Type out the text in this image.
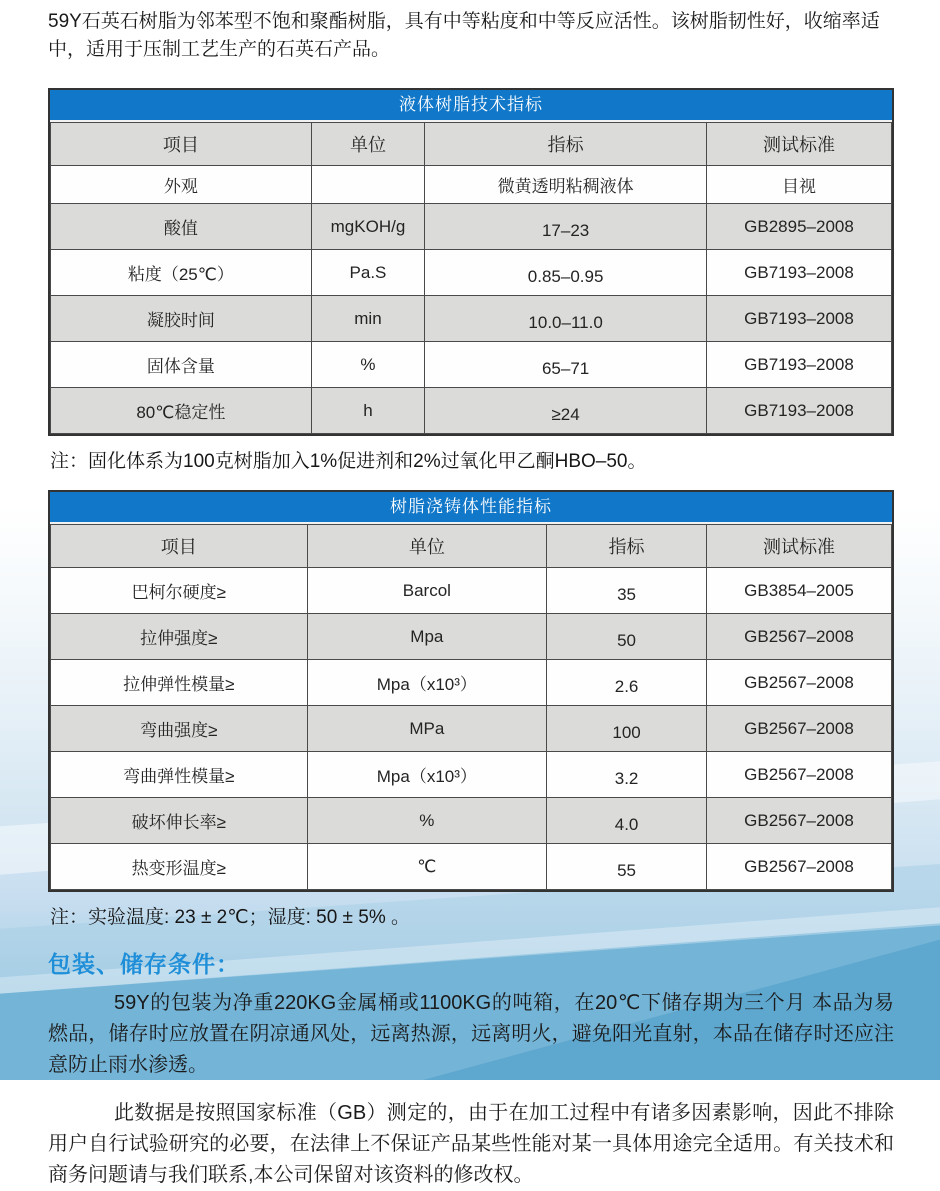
59Y石英石树脂为邻苯型不饱和聚酯树脂，具有中等粘度和中等反应活性。该树脂韧性好，收缩率适中，适用于压制工艺生产的石英石产品。

液体树脂技术指标
项目	单位	指标	测试标准
外观		微黄透明粘稠液体	目视
酸值	mgKOH/g	17–23	GB2895–2008
粘度（25℃）	Pa.S	0.85–0.95	GB7193–2008
凝胶时间	min	10.0–11.0	GB7193–2008
固体含量	%	65–71	GB7193–2008
80℃稳定性	h	≥24	GB7193–2008

注：固化体系为100克树脂加入1%促进剂和2%过氧化甲乙酮HBO–50。

树脂浇铸体性能指标
项目	单位	指标	测试标准
巴柯尔硬度≥	Barcol	35	GB3854–2005
拉伸强度≥	Mpa	50	GB2567–2008
拉伸弹性模量≥	Mpa（x10³）	2.6	GB2567–2008
弯曲强度≥	MPa	100	GB2567–2008
弯曲弹性模量≥	Mpa（x10³）	3.2	GB2567–2008
破坏伸长率≥	%	4.0	GB2567–2008
热变形温度≥	℃	55	GB2567–2008

注：实验温度: 23 ± 2℃；湿度: 50 ± 5% 。

包装、储存条件：

59Y的包装为净重220KG金属桶或1100KG的吨箱，在20℃下储存期为三个月 本品为易燃品，储存时应放置在阴凉通风处，远离热源，远离明火，避免阳光直射，本品在储存时还应注意防止雨水渗透。

此数据是按照国家标准（GB）测定的，由于在加工过程中有诸多因素影响，因此不排除用户自行试验研究的必要，在法律上不保证产品某些性能对某一具体用途完全适用。有关技术和商务问题请与我们联系,本公司保留对该资料的修改权。
